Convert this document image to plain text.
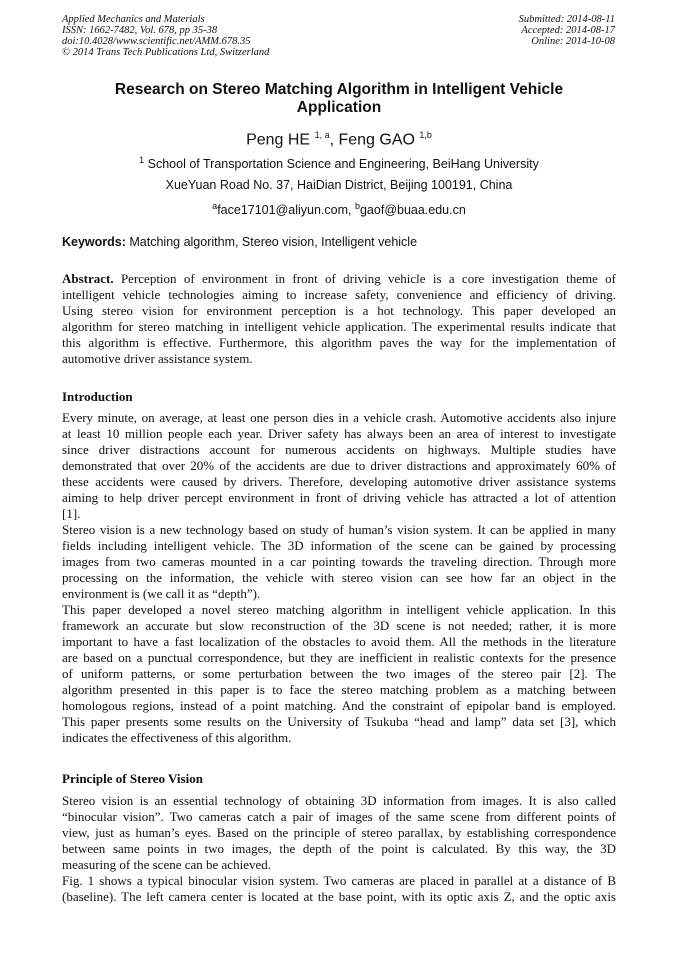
Applied Mechanics and Materials
ISSN: 1662-7482, Vol. 678, pp 35-38
doi:10.4028/www.scientific.net/AMM.678.35
© 2014 Trans Tech Publications Ltd, Switzerland
Submitted: 2014-08-11
Accepted: 2014-08-17
Online: 2014-10-08
Research on Stereo Matching Algorithm in Intelligent Vehicle
Application
Peng HE $^{1, a}$, Feng GAO $^{1,b}$
$^1$ School of Transportation Science and Engineering, BeiHang University
XueYuan Road No. 37, HaiDian District, Beijing 100191, China
$^a$face17101@aliyun.com, $^b$gaof@buaa.edu.cn
Keywords: Matching algorithm, Stereo vision, Intelligent vehicle
Abstract. Perception of environment in front of driving vehicle is a core investigation theme of
intelligent vehicle technologies aiming to increase safety, convenience and efficiency of driving.
Using stereo vision for environment perception is a hot technology. This paper developed an
algorithm for stereo matching in intelligent vehicle application. The experimental results indicate that
this algorithm is effective. Furthermore, this algorithm paves the way for the implementation of
automotive driver assistance system.
Introduction
Every minute, on average, at least one person dies in a vehicle crash. Automotive accidents also injure
at least 10 million people each year. Driver safety has always been an area of interest to investigate
since driver distractions account for numerous accidents on highways. Multiple studies have
demonstrated that over 20% of the accidents are due to driver distractions and approximately 60% of
these accidents were caused by drivers. Therefore, developing automotive driver assistance systems
aiming to help driver percept environment in front of driving vehicle has attracted a lot of attention
[1].
Stereo vision is a new technology based on study of human’s vision system. It can be applied in many
fields including intelligent vehicle. The 3D information of the scene can be gained by processing
images from two cameras mounted in a car pointing towards the traveling direction. Through more
processing on the information, the vehicle with stereo vision can see how far an object in the
environment is (we call it as “depth”).
This paper developed a novel stereo matching algorithm in intelligent vehicle application. In this
framework an accurate but slow reconstruction of the 3D scene is not needed; rather, it is more
important to have a fast localization of the obstacles to avoid them. All the methods in the literature
are based on a punctual correspondence, but they are inefficient in realistic contexts for the presence
of uniform patterns, or some perturbation between the two images of the stereo pair [2]. The
algorithm presented in this paper is to face the stereo matching problem as a matching between
homologous regions, instead of a point matching. And the constraint of epipolar band is employed.
This paper presents some results on the University of Tsukuba “head and lamp” data set [3], which
indicates the effectiveness of this algorithm.
Principle of Stereo Vision
Stereo vision is an essential technology of obtaining 3D information from images. It is also called
“binocular vision”. Two cameras catch a pair of images of the same scene from different points of
view, just as human’s eyes. Based on the principle of stereo parallax, by establishing correspondence
between same points in two images, the depth of the point is calculated. By this way, the 3D
measuring of the scene can be achieved.
Fig. 1 shows a typical binocular vision system. Two cameras are placed in parallel at a distance of B
(baseline). The left camera center is located at the base point, with its optic axis Z, and the optic axis
